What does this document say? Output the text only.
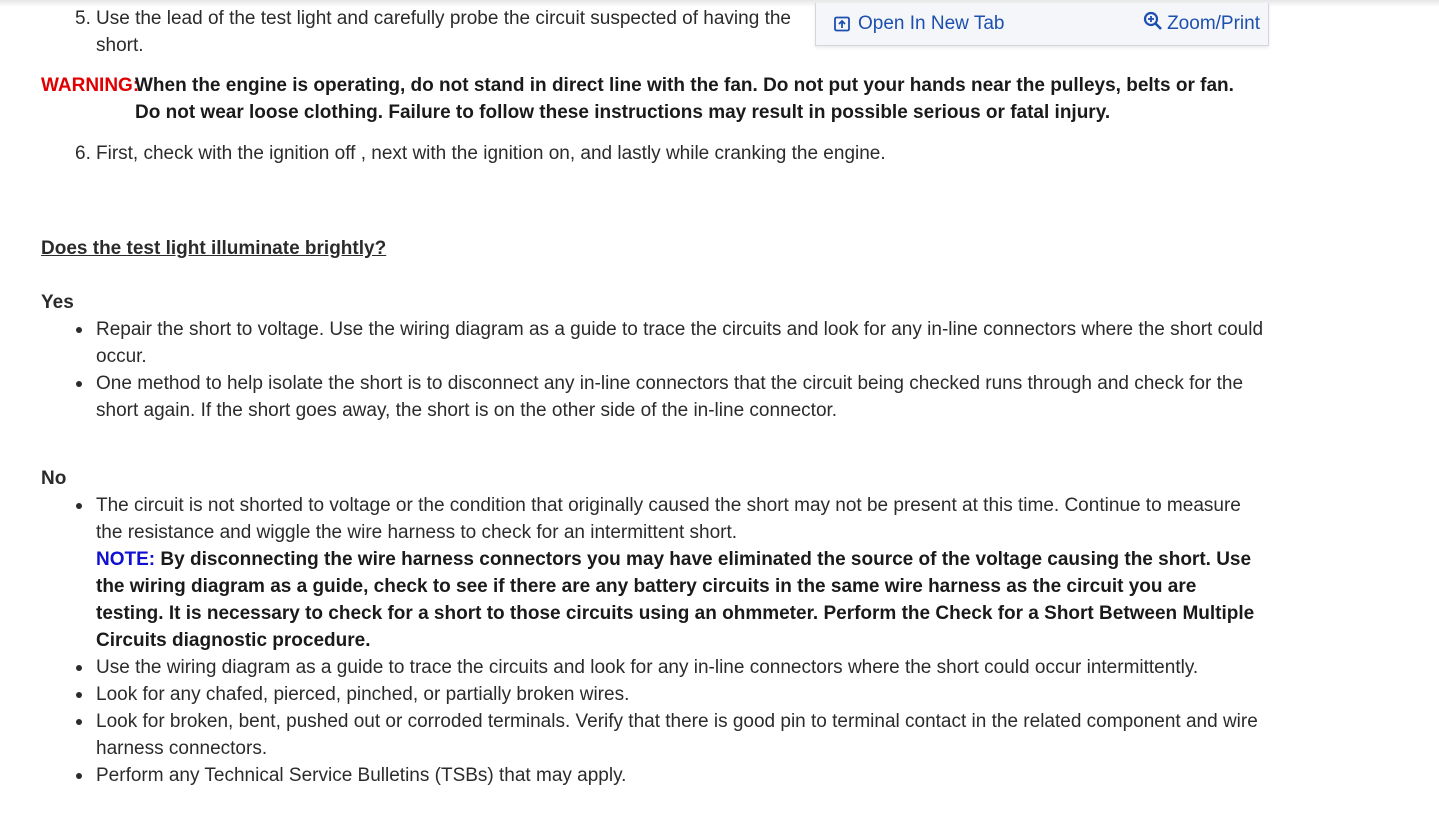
5. Use the lead of the test light and carefully probe the circuit suspected of having the
short.
WARNING:
When the engine is operating, do not stand in direct line with the fan. Do not put your hands near the pulleys, belts or fan. Do not wear loose clothing. Failure to follow these instructions may result in possible serious or fatal injury.
6. First, check with the ignition off , next with the ignition on, and lastly while cranking the engine.
Does the test light illuminate brightly?
Yes
Repair the short to voltage. Use the wiring diagram as a guide to trace the circuits and look for any in-line connectors where the short could occur.
One method to help isolate the short is to disconnect any in-line connectors that the circuit being checked runs through and check for the short again. If the short goes away, the short is on the other side of the in-line connector.
No
The circuit is not shorted to voltage or the condition that originally caused the short may not be present at this time. Continue to measure the resistance and wiggle the wire harness to check for an intermittent short.
NOTE: By disconnecting the wire harness connectors you may have eliminated the source of the voltage causing the short. Use the wiring diagram as a guide, check to see if there are any battery circuits in the same wire harness as the circuit you are testing. It is necessary to check for a short to those circuits using an ohmmeter. Perform the Check for a Short Between Multiple Circuits diagnostic procedure.
Use the wiring diagram as a guide to trace the circuits and look for any in-line connectors where the short could occur intermittently.
Look for any chafed, pierced, pinched, or partially broken wires.
Look for broken, bent, pushed out or corroded terminals. Verify that there is good pin to terminal contact in the related component and wire harness connectors.
Perform any Technical Service Bulletins (TSBs) that may apply.
Open In New Tab	Zoom/Print
